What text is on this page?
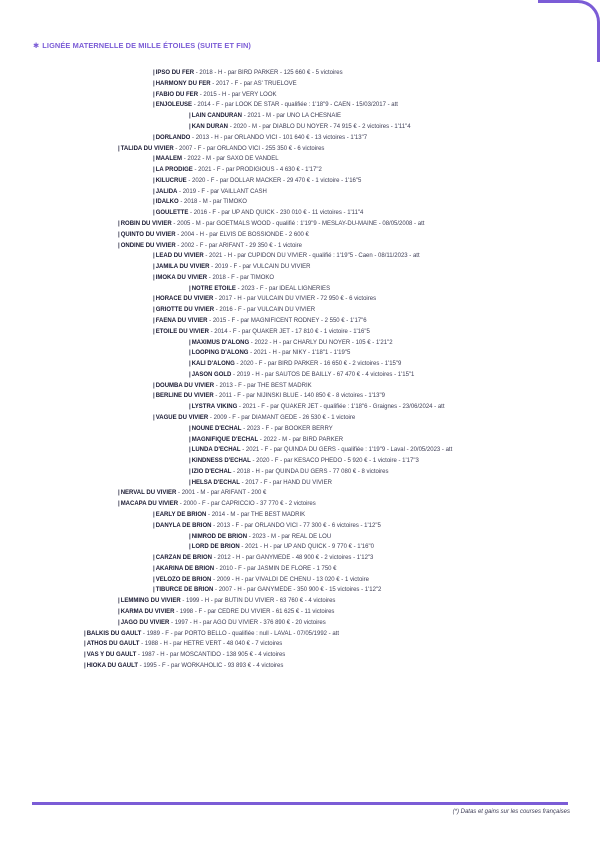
✱ LIGNÉE MATERNELLE DE MILLE ÉTOILES (SUITE ET FIN)
|IPSO DU FER - 2018 - H - par BIRD PARKER - 125 660 € - 5 victoires
|HARMONY DU FER - 2017 - F - par AS' TRUELOVE
|FABIO DU FER - 2015 - H - par VERY LOOK
|ENJOLEUSE - 2014 - F - par LOOK DE STAR - qualifiée : 1'18"9 - CAEN - 15/03/2017 - att
|LAIN CANDURAN - 2021 - M - par UNO LA CHESNAIE
|KAN DURAN - 2020 - M - par DIABLO DU NOYER - 74 915 € - 2 victoires - 1'11"4
|DORLANDO - 2013 - H - par ORLANDO VICI - 101 640 € - 13 victoires - 1'13"7
|TALIDA DU VIVIER - 2007 - F - par ORLANDO VICI - 255 350 € - 6 victoires
|MAALEM - 2022 - M - par SAXO DE VANDEL
|LA PRODIGE - 2021 - F - par PRODIGIOUS - 4 630 € - 1'17"2
|KILUCRUE - 2020 - F - par DOLLAR MACKER - 29 470 € - 1 victoire - 1'16"5
|JALIDA - 2019 - F - par VAILLANT CASH
|IDALKO - 2018 - M - par TIMOKO
|GOULETTE - 2016 - F - par UP AND QUICK - 230 010 € - 11 victoires - 1'11"4
|ROBIN DU VIVIER - 2005 - M - par GOETMALS WOOD - qualifié : 1'19"9 - MESLAY-DU-MAINE - 08/05/2008 - att
|QUINTO DU VIVIER - 2004 - H - par ELVIS DE BOSSIONDE - 2 600 €
|ONDINE DU VIVIER - 2002 - F - par ARIFANT - 29 350 € - 1 victoire
|LEAD DU VIVIER - 2021 - H - par CUPIDON DU VIVIER - qualifié : 1'19"5 - Caen - 08/11/2023 - att
|JAMILA DU VIVIER - 2019 - F - par VULCAIN DU VIVIER
|IMOKA DU VIVIER - 2018 - F - par TIMOKO
|NOTRE ETOILE - 2023 - F - par IDEAL LIGNERIES
|HORACE DU VIVIER - 2017 - H - par VULCAIN DU VIVIER - 72 950 € - 6 victoires
|GRIOTTE DU VIVIER - 2016 - F - par VULCAIN DU VIVIER
|FAENA DU VIVIER - 2015 - F - par MAGNIFICENT RODNEY - 2 550 € - 1'17"6
|ETOILE DU VIVIER - 2014 - F - par QUAKER JET - 17 810 € - 1 victoire - 1'16"5
|MAXIMUS D'ALONG - 2022 - H - par CHARLY DU NOYER - 105 € - 1'21"2
|LOOPING D'ALONG - 2021 - H - par NIKY - 1'18"1 - 1'19"5
|KALI D'ALONG - 2020 - F - par BIRD PARKER - 16 650 € - 2 victoires - 1'15"9
|JASON GOLD - 2019 - H - par SAUTOS DE BAILLY - 67 470 € - 4 victoires - 1'15"1
|DOUMBA DU VIVIER - 2013 - F - par THE BEST MADRIK
|BERLINE DU VIVIER - 2011 - F - par NIJINSKI BLUE - 140 850 € - 8 victoires - 1'13"9
|LYSTRA VIKING - 2021 - F - par QUAKER JET - qualifiée : 1'18"6 - Graignes - 23/06/2024 - att
|VAGUE DU VIVIER - 2009 - F - par DIAMANT GEDE - 26 530 € - 1 victoire
|NOUNE D'ECHAL - 2023 - F - par BOOKER BERRY
|MAGNIFIQUE D'ECHAL - 2022 - M - par BIRD PARKER
|LUNDA D'ECHAL - 2021 - F - par QUINDA DU GERS - qualifiée : 1'19"9 - Laval - 20/05/2023 - att
|KINDNESS D'ECHAL - 2020 - F - par KESACO PHEDO - 5 920 € - 1 victoire - 1'17"3
|IZIO D'ECHAL - 2018 - H - par QUINDA DU GERS - 77 080 € - 8 victoires
|HELSA D'ECHAL - 2017 - F - par HAND DU VIVIER
|NERVAL DU VIVIER - 2001 - M - par ARIFANT - 200 €
|MACAPA DU VIVIER - 2000 - F - par CAPRICCIO - 37 770 € - 2 victoires
|EARLY DE BRION - 2014 - M - par THE BEST MADRIK
|DANYLA DE BRION - 2013 - F - par ORLANDO VICI - 77 300 € - 6 victoires - 1'12"5
|NIMROD DE BRION - 2023 - M - par REAL DE LOU
|LORD DE BRION - 2021 - H - par UP AND QUICK - 9 770 € - 1'16"0
|CARZAN DE BRION - 2012 - H - par GANYMEDE - 48 900 € - 2 victoires - 1'12"3
|AKARINA DE BRION - 2010 - F - par JASMIN DE FLORE - 1 750 €
|VELOZO DE BRION - 2009 - H - par VIVALDI DE CHENU - 13 020 € - 1 victoire
|TIBURCE DE BRION - 2007 - H - par GANYMEDE - 350 900 € - 15 victoires - 1'12"2
|LEMMING DU VIVIER - 1999 - H - par BUTIN DU VIVIER - 63 760 € - 4 victoires
|KARMA DU VIVIER - 1998 - F - par CEDRE DU VIVIER - 61 625 € - 11 victoires
|JAGO DU VIVIER - 1997 - H - par AGO DU VIVIER - 376 890 € - 20 victoires
|BALKIS DU GAULT - 1989 - F - par PORTO BELLO - qualifiée : null - LAVAL - 07/05/1992 - att
|ATHOS DU GAULT - 1988 - H - par HETRE VERT - 48 040 € - 7 victoires
|VAS Y DU GAULT - 1987 - H - par MOSCANTIDO - 138 905 € - 4 victoires
|HIOKA DU GAULT - 1995 - F - par WORKAHOLIC - 93 893 € - 4 victoires
(*) Datas et gains sur les courses françaises
